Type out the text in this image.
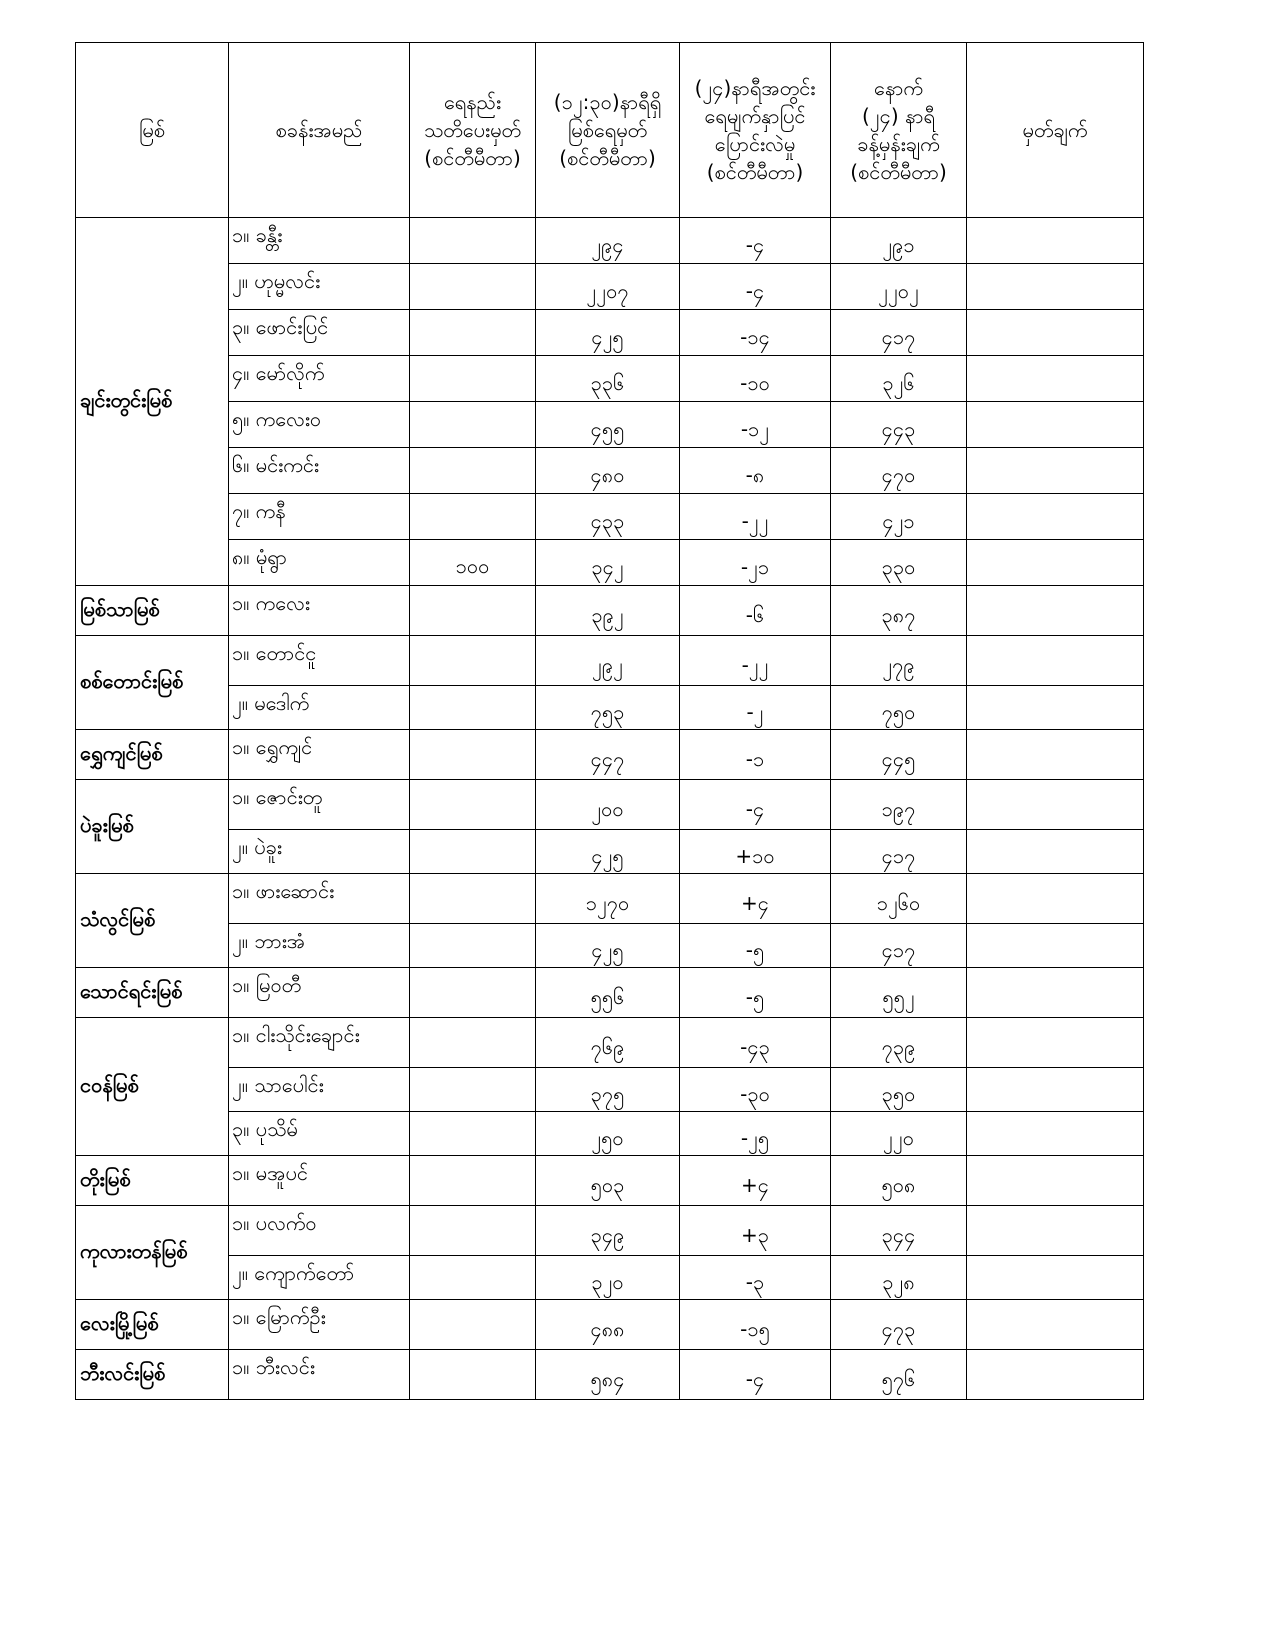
မြစ်	စခန်းအမည်	ရေနည်း
သတိပေးမှတ်
(စင်တီမီတာ)	(၁၂:၃၀)နာရီရှိ
မြစ်ရေမှတ်
(စင်တီမီတာ)	(၂၄)နာရီအတွင်း
ရေမျက်နှာပြင်
ပြောင်းလဲမှု
(စင်တီမီတာ)	နောက်
(၂၄) နာရီ
ခန့်မှန်းချက်
(စင်တီမီတာ)	မှတ်ချက်
ချင်းတွင်းမြစ်	၁။ ခန္တီး		၂၉၄	-၄	၂၉၁	
	၂။ ဟုမ္မလင်း		၂၂၀၇	-၄	၂၂၀၂	
	၃။ ဖောင်းပြင်		၄၂၅	-၁၄	၄၁၇	
	၄။ မော်လိုက်		၃၃၆	-၁၀	၃၂၆	
	၅။ ကလေးဝ		၄၅၅	-၁၂	၄၄၃	
	၆။ မင်းကင်း		၄၈၀	-၈	၄၇၀	
	၇။ ကနီ		၄၃၃	-၂၂	၄၂၁	
	၈။ မုံရွာ	၁၀၀	၃၄၂	-၂၁	၃၃၀	
မြစ်သာမြစ်	၁။ ကလေး		၃၉၂	-၆	၃၈၇	
စစ်တောင်းမြစ်	၁။ တောင်ငူ		၂၉၂	-၂၂	၂၇၉	
	၂။ မဒေါက်		၇၅၃	-၂	၇၅၀	
ရွှေကျင်မြစ်	၁။ ရွှေကျင်		၄၄၇	-၁	၄၄၅	
ပဲခူးမြစ်	၁။ ဇောင်းတူ		၂၀၀	-၄	၁၉၇	
	၂။ ပဲခူး		၄၂၅	+၁၀	၄၁၇	
သံလွင်မြစ်	၁။ ဖားဆောင်း		၁၂၇၀	+၄	၁၂၆၀	
	၂။ ဘားအံ		၄၂၅	-၅	၄၁၇	
သောင်ရင်းမြစ်	၁။ မြဝတီ		၅၅၆	-၅	၅၅၂	
ငဝန်မြစ်	၁။ ငါးသိုင်းချောင်း		၇၆၉	-၄၃	၇၃၉	
	၂။ သာပေါင်း		၃၇၅	-၃၀	၃၅၀	
	၃။ ပုသိမ်		၂၅၀	-၂၅	၂၂၀	
တိုးမြစ်	၁။ မအူပင်		၅၀၃	+၄	၅၀၈	
ကုလားတန်မြစ်	၁။ ပလက်ဝ		၃၄၉	+၃	၃၄၄	
	၂။ ကျောက်တော်		၃၂၀	-၃	၃၂၈	
လေးမြို့မြစ်	၁။ မြောက်ဦး		၄၈၈	-၁၅	၄၇၃	
ဘီးလင်းမြစ်	၁။ ဘီးလင်း		၅၈၄	-၄	၅၇၆	
